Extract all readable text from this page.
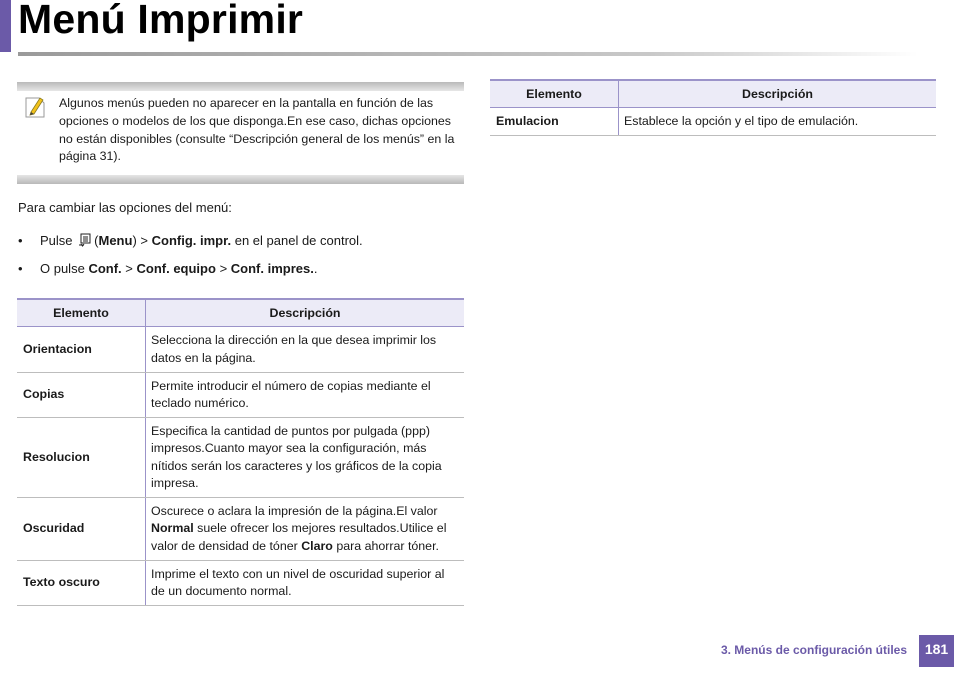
Menú Imprimir

Algunos menús pueden no aparecer en la pantalla en función de las opciones o modelos de los que disponga.En ese caso, dichas opciones no están disponibles (consulte “Descripción general de los menús” en la página 31).

Para cambiar las opciones del menú:

• Pulse (Menu) > Config. impr. en el panel de control.

• O pulse Conf. > Conf. equipo > Conf. impres..

Elemento	Descripción
Orientacion	Selecciona la dirección en la que desea imprimir los datos en la página.
Copias	Permite introducir el número de copias mediante el teclado numérico.
Resolucion	Especifica la cantidad de puntos por pulgada (ppp) impresos.Cuanto mayor sea la configuración, más nítidos serán los caracteres y los gráficos de la copia impresa.
Oscuridad	Oscurece o aclara la impresión de la página.El valor Normal suele ofrecer los mejores resultados.Utilice el valor de densidad de tóner Claro para ahorrar tóner.
Texto oscuro	Imprime el texto con un nivel de oscuridad superior al de un documento normal.
Elemento	Descripción
Emulacion	Establece la opción y el tipo de emulación.

3. Menús de configuración útiles	181
